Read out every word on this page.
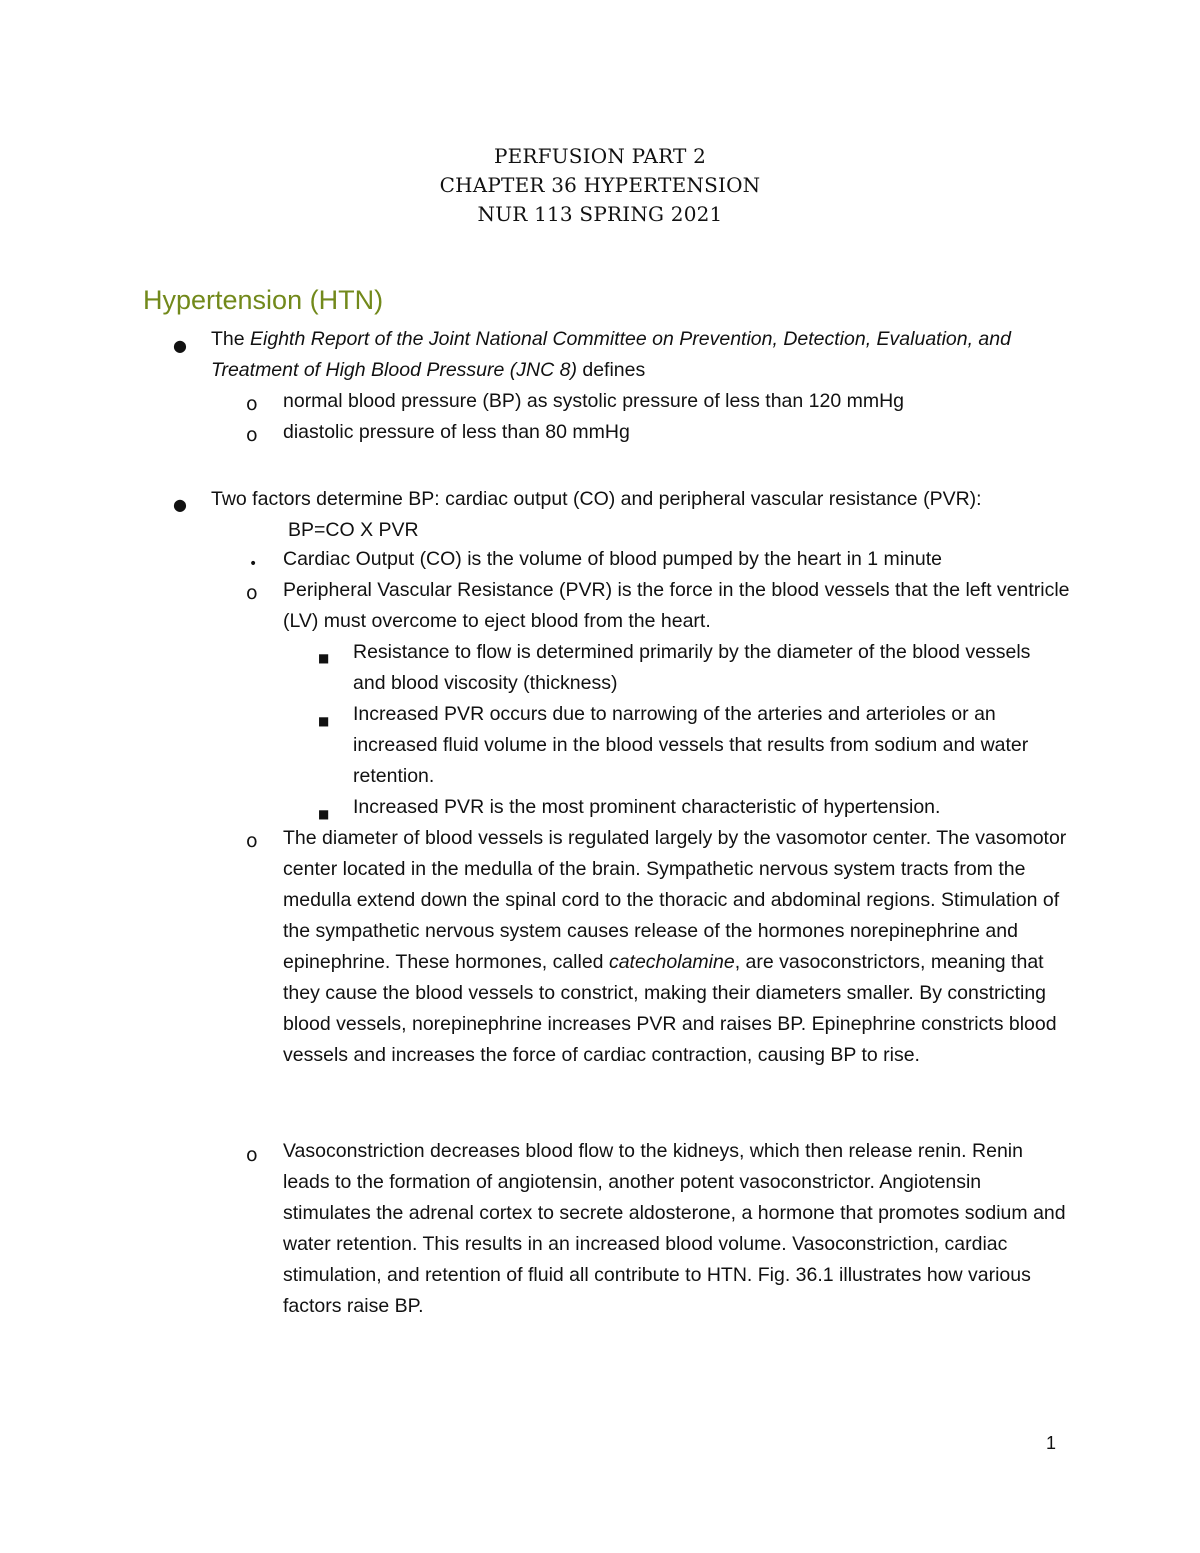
PERFUSION PART 2
CHAPTER 36 HYPERTENSION
NUR 113 SPRING 2021
Hypertension (HTN)
● The Eighth Report of the Joint National Committee on Prevention, Detection, Evaluation, and Treatment of High Blood Pressure (JNC 8) defines

o normal blood pressure (BP) as systolic pressure of less than 120 mmHg

o diastolic pressure of less than 80 mmHg

● Two factors determine BP: cardiac output (CO) and peripheral vascular resistance (PVR):

BP=CO X PVR

• Cardiac Output (CO) is the volume of blood pumped by the heart in 1 minute

o Peripheral Vascular Resistance (PVR) is the force in the blood vessels that the left ventricle (LV) must overcome to eject blood from the heart.

■ Resistance to flow is determined primarily by the diameter of the blood vessels and blood viscosity (thickness)

■ Increased PVR occurs due to narrowing of the arteries and arterioles or an increased fluid volume in the blood vessels that results from sodium and water retention.

■ Increased PVR is the most prominent characteristic of hypertension.

o The diameter of blood vessels is regulated largely by the vasomotor center. The vasomotor center located in the medulla of the brain. Sympathetic nervous system tracts from the medulla extend down the spinal cord to the thoracic and abdominal regions. Stimulation of the sympathetic nervous system causes release of the hormones norepinephrine and epinephrine. These hormones, called catecholamine, are vasoconstrictors, meaning that they cause the blood vessels to constrict, making their diameters smaller. By constricting blood vessels, norepinephrine increases PVR and raises BP. Epinephrine constricts blood vessels and increases the force of cardiac contraction, causing BP to rise.

o Vasoconstriction decreases blood flow to the kidneys, which then release renin. Renin leads to the formation of angiotensin, another potent vasoconstrictor. Angiotensin stimulates the adrenal cortex to secrete aldosterone, a hormone that promotes sodium and water retention. This results in an increased blood volume. Vasoconstriction, cardiac stimulation, and retention of fluid all contribute to HTN. Fig. 36.1 illustrates how various factors raise BP.

1
